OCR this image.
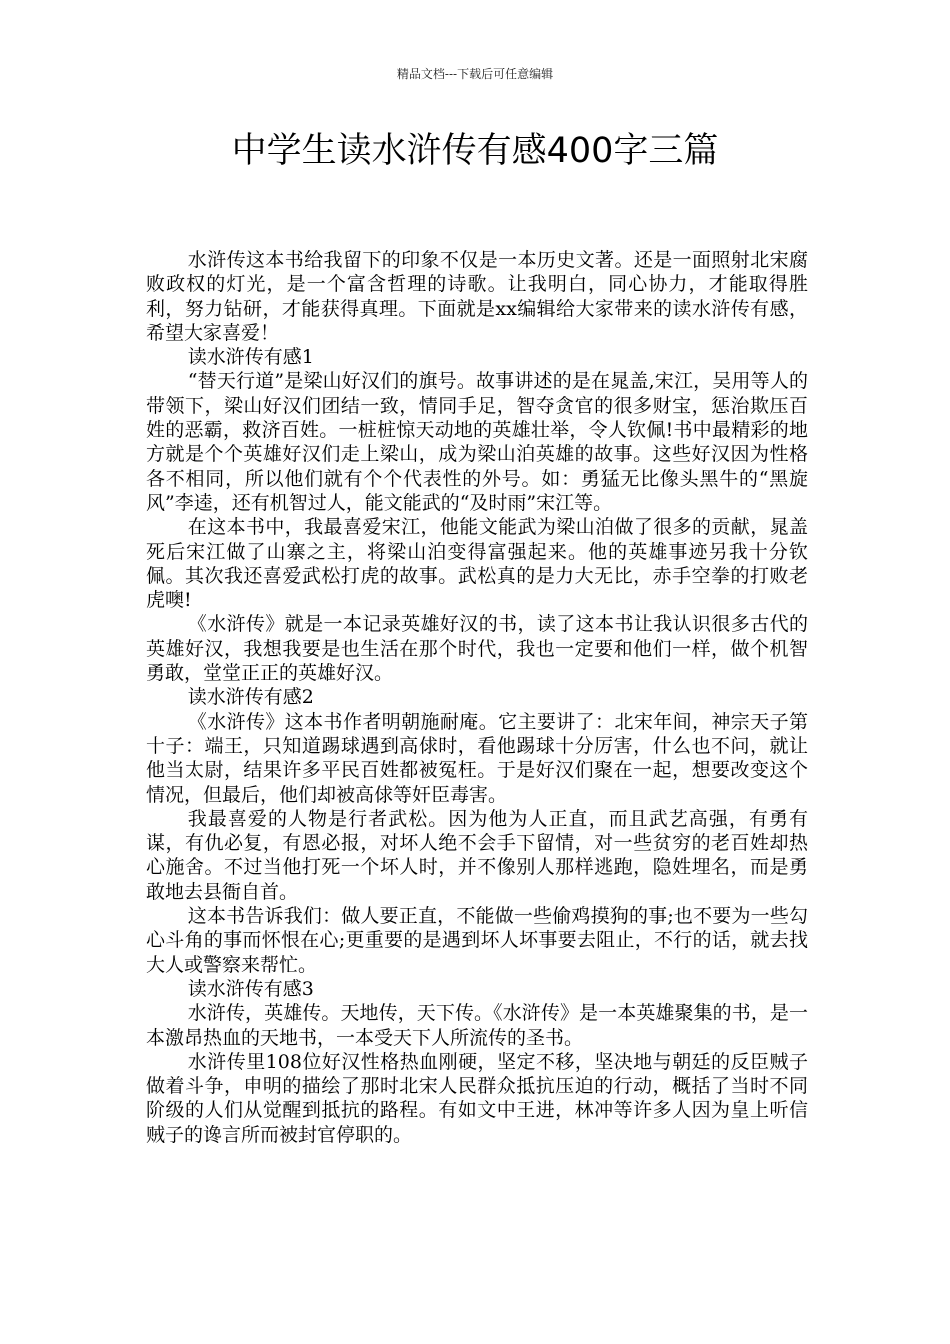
精品文档---下载后可任意编辑
中学生读水浒传有感400字三篇

水浒传这本书给我留下的印象不仅是一本历史文著。还是一面照射北宋腐败政权的灯光，是一个富含哲理的诗歌。让我明白，同心协力，才能取得胜利，努力钻研，才能获得真理。下面就是xx编辑给大家带来的读水浒传有感，希望大家喜爱！

读水浒传有感1

“替天行道”是梁山好汉们的旗号。故事讲述的是在晁盖,宋江，吴用等人的带领下，梁山好汉们团结一致，情同手足，智夺贪官的很多财宝，惩治欺压百姓的恶霸，救济百姓。一桩桩惊天动地的英雄壮举，令人钦佩!书中最精彩的地方就是个个英雄好汉们走上梁山，成为梁山泊英雄的故事。这些好汉因为性格各不相同，所以他们就有个个代表性的外号。如：勇猛无比像头黑牛的“黑旋风”李逵，还有机智过人，能文能武的“及时雨”宋江等。

在这本书中，我最喜爱宋江，他能文能武为梁山泊做了很多的贡献，晁盖死后宋江做了山寨之主，将梁山泊变得富强起来。他的英雄事迹另我十分钦佩。其次我还喜爱武松打虎的故事。武松真的是力大无比，赤手空拳的打败老虎噢!

《水浒传》就是一本记录英雄好汉的书，读了这本书让我认识很多古代的英雄好汉，我想我要是也生活在那个时代，我也一定要和他们一样，做个机智勇敢，堂堂正正的英雄好汉。

读水浒传有感2

《水浒传》这本书作者明朝施耐庵。它主要讲了：北宋年间，神宗天子第十子：端王，只知道踢球遇到高俅时，看他踢球十分厉害，什么也不问，就让他当太尉，结果许多平民百姓都被冤枉。于是好汉们聚在一起，想要改变这个情况，但最后，他们却被高俅等奸臣毒害。

我最喜爱的人物是行者武松。因为他为人正直，而且武艺高强，有勇有谋，有仇必复，有恩必报，对坏人绝不会手下留情，对一些贫穷的老百姓却热心施舍。不过当他打死一个坏人时，并不像别人那样逃跑，隐姓埋名，而是勇敢地去县衙自首。

这本书告诉我们：做人要正直，不能做一些偷鸡摸狗的事;也不要为一些勾心斗角的事而怀恨在心;更重要的是遇到坏人坏事要去阻止，不行的话，就去找大人或警察来帮忙。

读水浒传有感3

水浒传，英雄传。天地传，天下传。《水浒传》是一本英雄聚集的书，是一本激昂热血的天地书，一本受天下人所流传的圣书。

水浒传里108位好汉性格热血刚硬，坚定不移，坚决地与朝廷的反臣贼子做着斗争，申明的描绘了那时北宋人民群众抵抗压迫的行动，概括了当时不同阶级的人们从觉醒到抵抗的路程。有如文中王进，林冲等许多人因为皇上听信贼子的谗言所而被封官停职的。
